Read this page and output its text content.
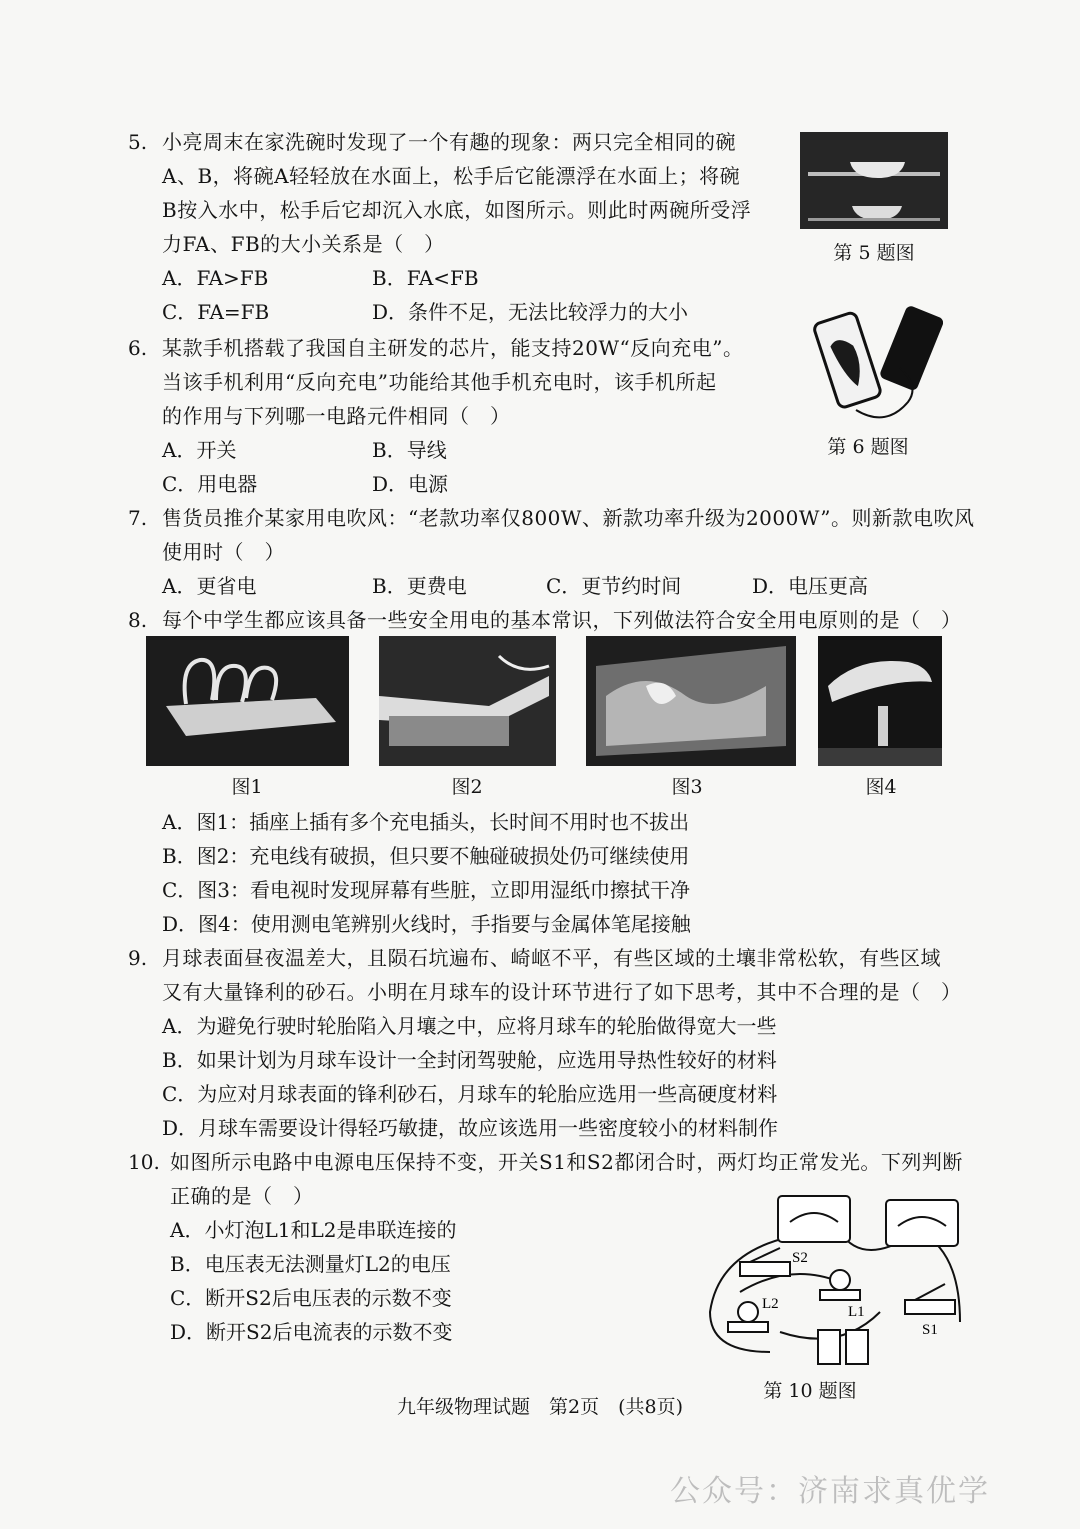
5. 小亮周末在家洗碗时发现了一个有趣的现象：两只完全相同的碗
A、B，将碗A轻轻放在水面上，松手后它能漂浮在水面上；将碗
B按入水中，松手后它却沉入水底，如图所示。则此时两碗所受浮
力FA、FB的大小关系是（　）
A．FA>FB	B．FA<FB
C．FA=FB	D．条件不足，无法比较浮力的大小
第 5 题图
6. 某款手机搭载了我国自主研发的芯片，能支持20W“反向充电”。
当该手机利用“反向充电”功能给其他手机充电时，该手机所起
的作用与下列哪一电路元件相同（　）
A．开关	B．导线
C．用电器	D．电源
第 6 题图
7. 售货员推介某家用电吹风：“老款功率仅800W、新款功率升级为2000W”。则新款电吹风
使用时（　）
A．更省电	B．更费电	C．更节约时间	D．电压更高
8. 每个中学生都应该具备一些安全用电的基本常识，下列做法符合安全用电原则的是（　）
图1	图2	图3	图4
A．图1：插座上插有多个充电插头，长时间不用时也不拔出
B．图2：充电线有破损，但只要不触碰破损处仍可继续使用
C．图3：看电视时发现屏幕有些脏，立即用湿纸巾擦拭干净
D．图4：使用测电笔辨别火线时，手指要与金属体笔尾接触
9. 月球表面昼夜温差大，且陨石坑遍布、崎岖不平，有些区域的土壤非常松软，有些区域
又有大量锋利的砂石。小明在月球车的设计环节进行了如下思考，其中不合理的是（　）
A．为避免行驶时轮胎陷入月壤之中，应将月球车的轮胎做得宽大一些
B．如果计划为月球车设计一全封闭驾驶舱，应选用导热性较好的材料
C．为应对月球表面的锋利砂石，月球车的轮胎应选用一些高硬度材料
D．月球车需要设计得轻巧敏捷，故应该选用一些密度较小的材料制作
10. 如图所示电路中电源电压保持不变，开关S1和S2都闭合时，两灯均正常发光。下列判断
正确的是（　）
A．小灯泡L1和L2是串联连接的
B．电压表无法测量灯L2的电压
C．断开S2后电压表的示数不变
D．断开S2后电流表的示数不变
S2
L1
L2
S1
第 10 题图
九年级物理试题　第2页　(共8页)
公众号：济南求真优学
